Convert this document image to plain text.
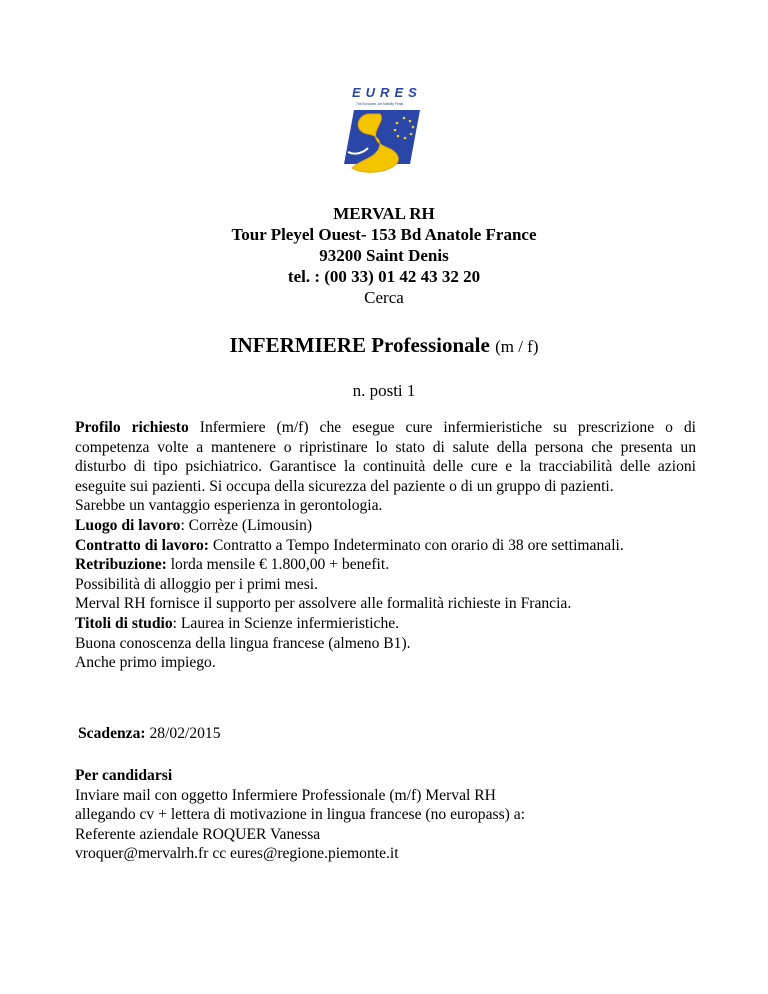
EURES
The European Job Mobility Portal
MERVAL RH
Tour Pleyel Ouest- 153 Bd Anatole France
93200 Saint Denis
tel. : (00 33) 01 42 43 32 20
Cerca
INFERMIERE Professionale (m / f)
n. posti 1

Profilo richiesto Infermiere (m/f) che esegue cure infermieristiche su prescrizione o di competenza volte a mantenere o ripristinare lo stato di salute della persona che presenta un disturbo di tipo psichiatrico. Garantisce la continuità delle cure e la tracciabilità delle azioni eseguite sui pazienti. Si occupa della sicurezza del paziente o di un gruppo di pazienti.

Sarebbe un vantaggio esperienza in gerontologia.

Luogo di lavoro: Corrèze (Limousin)

Contratto di lavoro: Contratto a Tempo Indeterminato con orario di 38 ore settimanali.

Retribuzione: lorda mensile € 1.800,00 + benefit.

Possibilità di alloggio per i primi mesi.

Merval RH fornisce il supporto per assolvere alle formalità richieste in Francia.

Titoli di studio: Laurea in Scienze infermieristiche.

Buona conoscenza della lingua francese (almeno B1).

Anche primo impiego.

Scadenza: 28/02/2015

Per candidarsi

Inviare mail con oggetto Infermiere Professionale (m/f) Merval RH

allegando cv + lettera di motivazione in lingua francese (no europass) a:

Referente aziendale ROQUER Vanessa

vroquer@mervalrh.fr cc eures@regione.piemonte.it
